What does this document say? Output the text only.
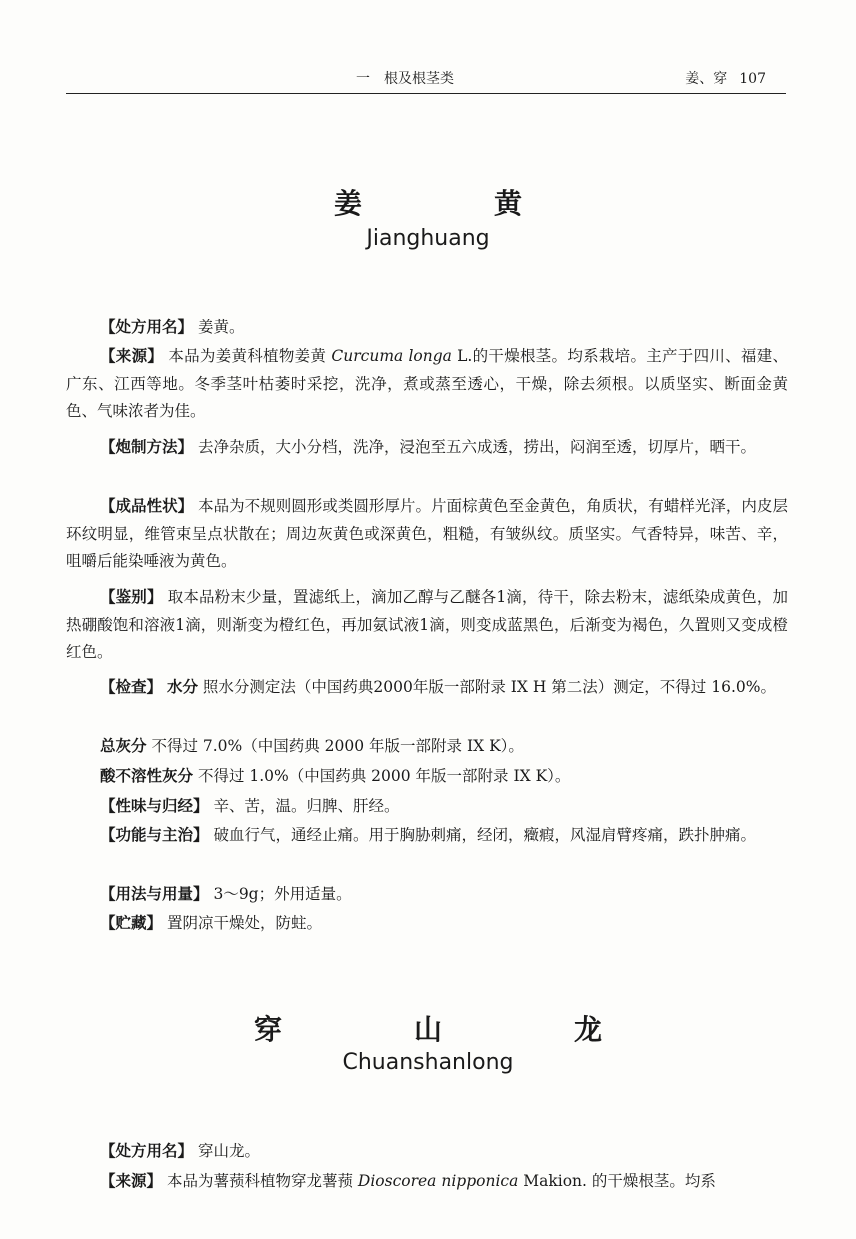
一　根及根茎类	姜、穿 107
姜　黄
Jianghuang
【处方用名】 姜黄。
【来源】 本品为姜黄科植物姜黄 Curcuma longa L.的干燥根茎。均系栽培。主产于四川、福建、广东、江西等地。冬季茎叶枯萎时采挖，洗净，煮或蒸至透心，干燥，除去须根。以质坚实、断面金黄色、气味浓者为佳。
【炮制方法】 去净杂质，大小分档，洗净，浸泡至五六成透，捞出，闷润至透，切厚片，晒干。
【成品性状】 本品为不规则圆形或类圆形厚片。片面棕黄色至金黄色，角质状，有蜡样光泽，内皮层环纹明显，维管束呈点状散在；周边灰黄色或深黄色，粗糙，有皱纵纹。质坚实。气香特异，味苦、辛，咀嚼后能染唾液为黄色。
【鉴别】 取本品粉末少量，置滤纸上，滴加乙醇与乙醚各1滴，待干，除去粉末，滤纸染成黄色，加热硼酸饱和溶液1滴，则渐变为橙红色，再加氨试液1滴，则变成蓝黑色，后渐变为褐色，久置则又变成橙红色。
【检查】 水分 照水分测定法（中国药典2000年版一部附录 IX H 第二法）测定，不得过 16.0%。
总灰分 不得过 7.0%（中国药典 2000 年版一部附录 IX K）。
酸不溶性灰分 不得过 1.0%（中国药典 2000 年版一部附录 IX K）。
【性味与归经】 辛、苦，温。归脾、肝经。
【功能与主治】 破血行气，通经止痛。用于胸胁刺痛，经闭，癥瘕，风湿肩臂疼痛，跌扑肿痛。
【用法与用量】 3～9g；外用适量。
【贮藏】 置阴凉干燥处，防蛀。
穿　山　龙
Chuanshanlong
【处方用名】 穿山龙。
【来源】 本品为薯蓣科植物穿龙薯蓣 Dioscorea nipponica Makion. 的干燥根茎。均系
